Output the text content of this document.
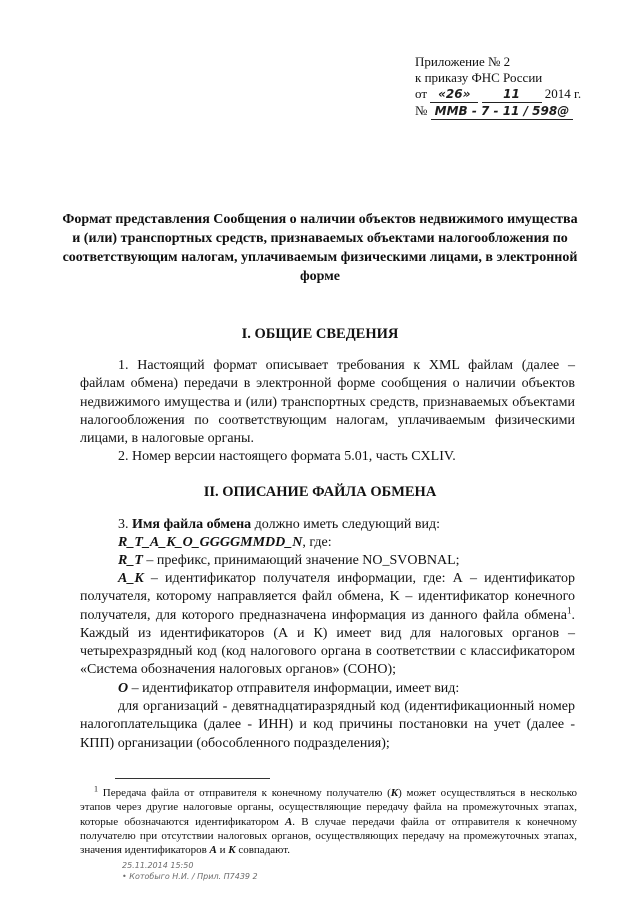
Приложение № 2
к приказу ФНС России
от «26»	11 2014 г.
№ ММВ - 7 - 11 / 598@
Формат представления Сообщения о наличии объектов недвижимого имущества и (или) транспортных средств, признаваемых объектами налогообложения по соответствующим налогам, уплачиваемым физическими лицами, в электронной форме
I. ОБЩИЕ СВЕДЕНИЯ
1. Настоящий формат описывает требования к XML файлам (далее – файлам обмена) передачи в электронной форме сообщения о наличии объектов недвижимого имущества и (или) транспортных средств, признаваемых объектами налогообложения по соответствующим налогам, уплачиваемым физическими лицами, в налоговые органы.
2. Номер версии настоящего формата 5.01, часть CXLIV.
II. ОПИСАНИЕ ФАЙЛА ОБМЕНА
3. Имя файла обмена должно иметь следующий вид:
R_T_A_K_O_GGGGMMDD_N, где:
R_T – префикс, принимающий значение NO_SVOBNAL;
A_K – идентификатор получателя информации, где: А – идентификатор получателя, которому направляется файл обмена, K – идентификатор конечного получателя, для которого предназначена информация из данного файла обмена$^1$. Каждый из идентификаторов (А и К) имеет вид для налоговых органов – четырехразрядный код (код налогового органа в соответствии с классификатором «Система обозначения налоговых органов» (СОНО);
O – идентификатор отправителя информации, имеет вид:
для организаций - девятнадцатиразрядный код (идентификационный номер налогоплательщика (далее - ИНН) и код причины постановки на учет (далее - КПП) организации (обособленного подразделения);
$^1$ Передача файла от отправителя к конечному получателю (K) может осуществляться в несколько этапов через другие налоговые органы, осуществляющие передачу файла на промежуточных этапах, которые обозначаются идентификатором A. В случае передачи файла от отправителя к конечному получателю при отсутствии налоговых органов, осуществляющих передачу на промежуточных этапах, значения идентификаторов A и K совпадают.
25.11.2014 15:50
• Котобыго Н.И. / Прил. П7439 2
